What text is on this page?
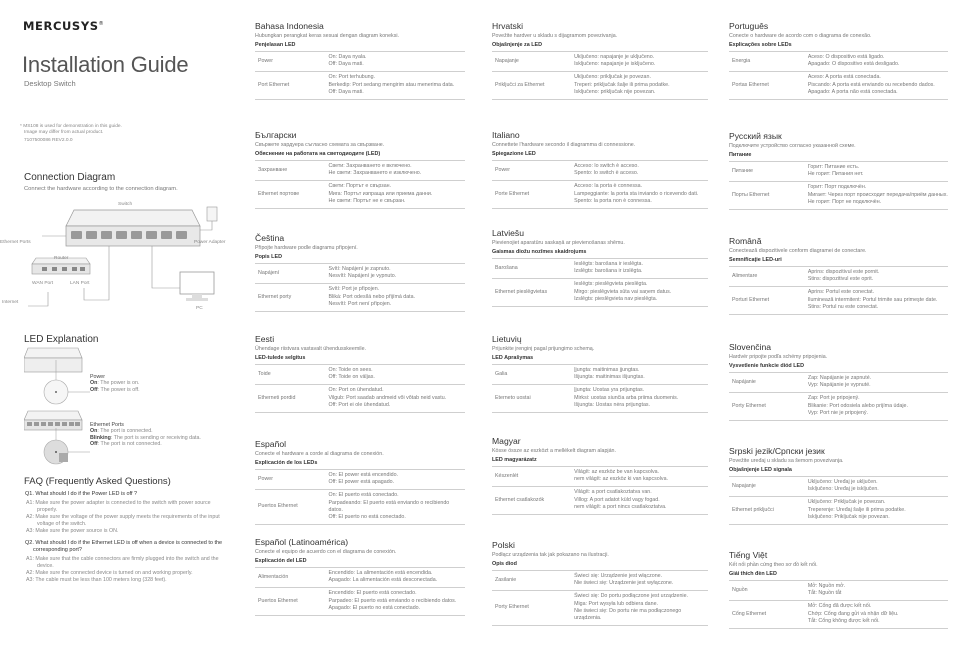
MERCUSYS®
Installation Guide
Desktop Switch
* MS108 is used for demonstration in this guide.
Image may differ from actual product.
7107500086 REV2.0.0
Connection Diagram
Connect the hardware according to the connection diagram.
Switch
Ethernet Ports	Power Adapter
Router
WAN Port	LAN Port
Internet
PC
LED Explanation
Power
On: The power is on.
Off: The power is off.
Ethernet Ports
On: The port is connected.
Blinking: The port is sending or receiving data.
Off: The port is not connected.
FAQ (Frequently Asked Questions)
Q1. What should I do if the Power LED is off ?
A1: Make sure the power adapter is connected to the switch with power source properly.
A2: Make sure the voltage of the power supply meets the requirements of the input voltage of the switch.
A3: Make sure the power source is ON.
Q2. What should I do if the Ethernet LED is off when a device is connected to the corresponding port?
A1: Make sure that the cable connectors are firmly plugged into the switch and the device.
A2: Make sure the connected device is turned on and working properly.
A3: The cable must be less than 100 meters long (328 feet).
Bahasa Indonesia
Hubungkan perangkat keras sesuai dengan diagram koneksi.
Penjelasan LED
Power	On: Daya nyala.
Off: Daya mati.

Port Ethernet	On: Port terhubung.
Berkedip: Port sedang mengirim atau menerima data.
Off: Daya mati.
Български
Свържете хардуера съгласно схемата за свързване.
Обяснение на работата на светодиодите (LED)
Захранване	Свети: Захранването е включено.
Не свети: Захранването е изключено.

Ethernet портове	Свети: Портът е свързан.
Мига: Портът изпраща или приема данни.
Не свети: Портът не е свързан.
Čeština
Připojte hardware podle diagramu připojení.
Popis LED
Napájení	Svítí: Napájení je zapnuto.
Nesvítí: Napájení je vypnuto.

Ethernet porty	Svítí: Port je připojen.
Bliká: Port odesílá nebo přijímá data.
Nesvítí: Port není připojen.
Eesti
Ühendage riistvara vastavalt ühendusskeemile.
LED-tulede selgitus
Toide	On: Toide on sees.
Off: Toide on väljas.

Etherneti pordid	On: Port on ühendatud.
Vilgub: Port saadab andmeid või võtab neid vastu.
Off: Port ei ole ühendatud.
Español
Conecte el hardware a corde al diagrama de conexión.
Explicación de los LEDs
Power	On: El power está encendido.
Off: El power está apagado.

Puertos Ethernet	On: El puerto está conectado.
Parpadeando: El puerto está enviando o recibiendo datos.
Off: El puerto no está conectado.
Español (Latinoamérica)
Conecte el equipo de acuerdo con el diagrama de conexión.
Explicación del LED
Alimentación	Encendido: La alimentación está encendida.
Apagado: La alimentación está desconectada.

Puertos Ethernet	Encendido: El puerto está conectado.
Parpadeo: El puerto está enviando o recibiendo datos.
Apagado: El puerto no está conectado.
Hrvatski
Povežite hardver u skladu s dijagramom povezivanja.
Objašnjenje za LED
Napajanje	Uključeno: napajanje je uključeno.
Isključeno: napajanje je isključeno.

Priključci za Ethernet	Uključeno: priključak je povezan.
Treperi: priključak šalje ili prima podatke.
Isključeno: priključak nije povezan.
Italiano
Connettete l'hardware secondo il diagramma di connessione.
Spiegazione LED
Power	Acceso: lo switch è acceso.
Spento: lo switch è acceso.

Porte Ethernet	Acceso: la porta è connessa.
Lampeggiante: la porta sta inviando o ricevendo dati.
Spento: la porta non è connessa.
Latviešu
Pievienojiet aparatūru saskaņā ar pievienošanas shēmu.
Gaismas diožu nozīmes skaidrojums
Barošana	Ieslēgts: barošana ir ieslēgta.
Izslēgts: barošana ir izslēgta.

Ethernet pieslēgvietas	Ieslēgts: pieslēgvieta pieslēgta.
Mirgo: pieslēgvieta sūta vai saņem datus.
Izslēgts: pieslēgvieta nav pieslēgta.
Lietuvių
Prijunkite įrenginį pagal prijungimo schemą.
LED Aprašymas
Galia	Įjungta: maitinimas įjungtas.
Išjungta: maitinimas išjungtas.

Eterneto uostai	Įjungta: Uostas yra prijungtas.
Mirksi: uostas siunčia arba priima duomenis.
Išjungta: Uostas nėra prijungtas.
Magyar
Kösse össze az eszközt a mellékelt diagram alapján.
LED magyarázatz
Készenlét	Világít: az eszköz be van kapcsolva.
nem világít: az eszköz ki van kapcsolva.

Ethernet csatlakozók	Világít: a port csatlakoztatva van.
Villog: A port adatot küld vagy fogad.
nem világít: a port nincs csatlakoztatva.
Polski
Podłącz urządzenia tak jak pokazano na ilustracji.
Opis diod
Zasilanie	Świeci się: Urządzenie jest włączone.
Nie świeci się: Urządzenie jest wyłączone.

Porty Ethernet	Świeci się: Do portu podłączone jest urządzenie.
Miga: Port wysyła lub odbiera dane.
Nie świeci się: Do portu nie ma podłączonego urządzenia.
Português
Conecte o hardware de acordo com o diagrama de conexão.
Explicações sobre LEDs
Energia	Aceso: O dispositivo está ligado.
Apagado: O dispositivo está desligado.

Portas Ethernet	Aceso: A porta está conectada.
Piscando: A porta está enviando ou recebendo dados.
Apagado: A porta não está conectada.
Русский язык
Подключите устройство согласно указанной схеме.
Питание
Питание	Горит: Питание есть.
Не горит: Питания нет.

Порты Ethernet	Горит: Порт подключён.
Мигает: Через порт происходит передача/приём данных.
Не горит: Порт не подключён.
Română
Conectează dispozitivele conform diagramei de conectare.
Semnificaţie LED-uri
Alimentare	Aprins: dispozitivul este pornit.
Stins: dispozitivul este oprit.

Porturi Ethernet	Aprins: Portul este conectat.
Iluminează intermitent: Portul trimite sau primeşte date.
Stins: Portul nu este conectat.
Slovenčina
Hardvér pripojte podľa schémy pripojenia.
Vysvetlenie funkcie diód LED
Napájanie	Zap: Napájanie je zapnuté.
Vyp: Napájanie je vypnuté.

Porty Ethernet	Zap: Port je pripojený.
Blikanie: Port odosiela alebo prijíma údaje.
Vyp: Port nie je pripojený.
Srpski jezik/Српски језик
Povežite uređaj u skladu sa šemom povezivanja.
Objašnjenje LED signala
Napajanje	Uključeno: Uređaj je uključen.
Isključeno: Uređaj je isključen.

Ethernet priključci	Uključeno: Priključak je povezan.
Treperenje: Uređaj šalje ili prima podatke.
Isključeno: Priključak nije povezan.
Tiếng Việt
Kết nối phần cứng theo sơ đồ kết nối.
Giải thích đèn LED
Nguồn	Mở: Nguồn mở.
Tắt: Nguồn tắt

Cổng Ethernet	Mở: Cổng đã được kết nối.
Chớp: Cổng đang gửi và nhận dữ liệu.
Tắt: Cổng không được kết nối.
